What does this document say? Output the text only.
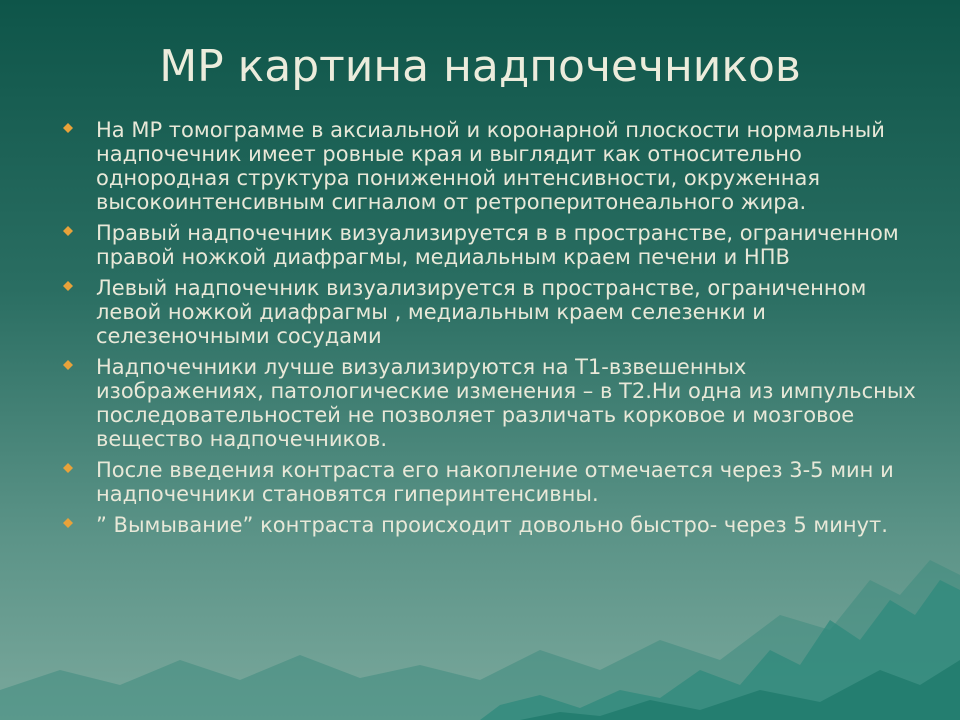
МР картина надпочечников
На МР томограмме в аксиальной и коронарной плоскости нормальный надпочечник имеет ровные края и выглядит как относительно однородная структура пониженной интенсивности, окруженная высокоинтенсивным сигналом от ретроперитонеального жира.
Правый надпочечник визуализируется в в пространстве, ограниченном правой ножкой диафрагмы, медиальным краем печени и НПВ
Левый надпочечник визуализируется в пространстве, ограниченном левой ножкой диафрагмы , медиальным краем селезенки и селезеночными сосудами
Надпочечники лучше визуализируются на Т1-взвешенных изображениях, патологические изменения – в Т2.Ни одна из импульсных последовательностей не позволяет различать корковое и мозговое вещество надпочечников.
После введения контраста его накопление отмечается через 3-5 мин и надпочечники становятся гиперинтенсивны.
” Вымывание” контраста происходит довольно быстро- через 5 минут.
